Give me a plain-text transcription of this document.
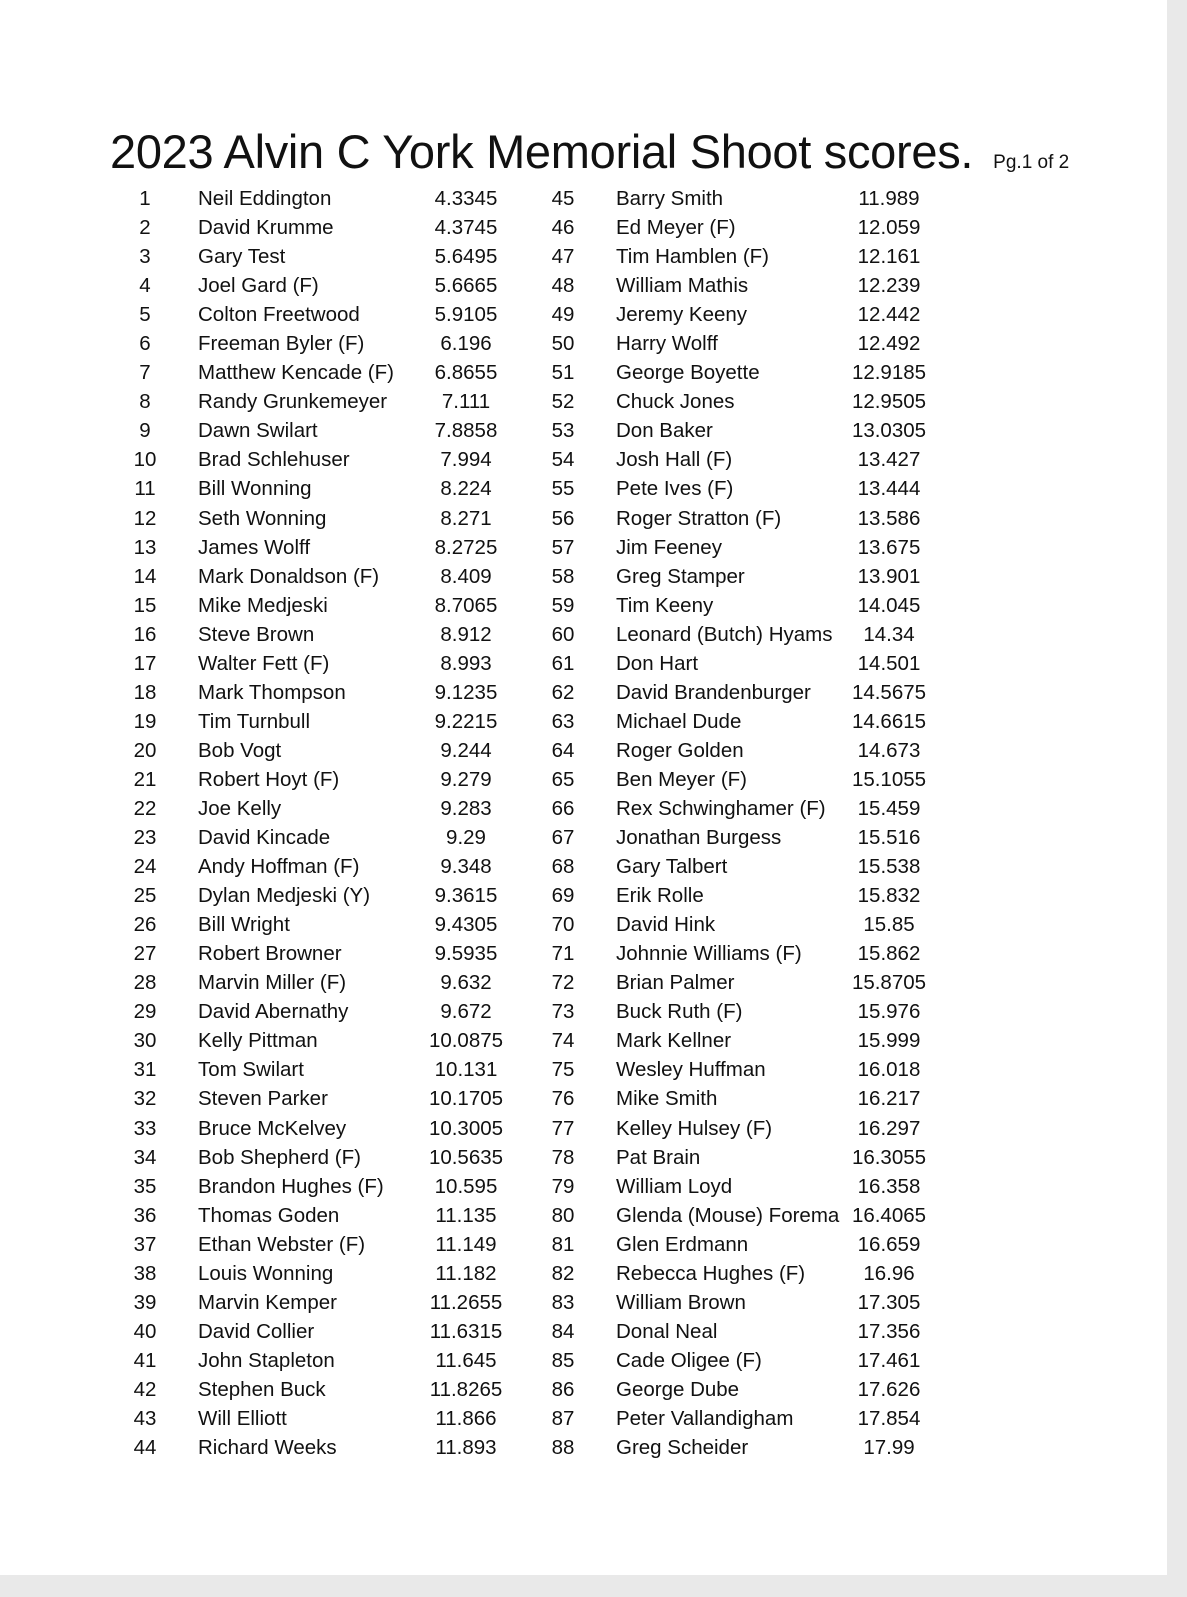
2023 Alvin C York Memorial Shoot scores. Pg.1 of 2
1	Neil Eddington	4.3345
2	David Krumme	4.3745
3	Gary Test	5.6495
4	Joel Gard (F)	5.6665
5	Colton Freetwood	5.9105
6	Freeman Byler (F)	6.196
7	Matthew Kencade (F)	6.8655
8	Randy Grunkemeyer	7.111
9	Dawn Swilart	7.8858
10	Brad Schlehuser	7.994
11	Bill Wonning	8.224
12	Seth Wonning	8.271
13	James Wolff	8.2725
14	Mark Donaldson (F)	8.409
15	Mike Medjeski	8.7065
16	Steve Brown	8.912
17	Walter Fett (F)	8.993
18	Mark Thompson	9.1235
19	Tim Turnbull	9.2215
20	Bob Vogt	9.244
21	Robert Hoyt (F)	9.279
22	Joe Kelly	9.283
23	David Kincade	9.29
24	Andy Hoffman (F)	9.348
25	Dylan Medjeski (Y)	9.3615
26	Bill Wright	9.4305
27	Robert Browner	9.5935
28	Marvin Miller (F)	9.632
29	David Abernathy	9.672
30	Kelly Pittman	10.0875
31	Tom Swilart	10.131
32	Steven Parker	10.1705
33	Bruce McKelvey	10.3005
34	Bob Shepherd (F)	10.5635
35	Brandon Hughes (F)	10.595
36	Thomas Goden	11.135
37	Ethan Webster (F)	11.149
38	Louis Wonning	11.182
39	Marvin Kemper	11.2655
40	David Collier	11.6315
41	John Stapleton	11.645
42	Stephen Buck	11.8265
43	Will Elliott	11.866
44	Richard Weeks	11.893
45	Barry Smith	11.989
46	Ed Meyer (F)	12.059
47	Tim Hamblen (F)	12.161
48	William Mathis	12.239
49	Jeremy Keeny	12.442
50	Harry Wolff	12.492
51	George Boyette	12.9185
52	Chuck Jones	12.9505
53	Don Baker	13.0305
54	Josh Hall (F)	13.427
55	Pete Ives (F)	13.444
56	Roger Stratton (F)	13.586
57	Jim Feeney	13.675
58	Greg Stamper	13.901
59	Tim Keeny	14.045
60	Leonard (Butch) Hyams	14.34
61	Don Hart	14.501
62	David Brandenburger	14.5675
63	Michael Dude	14.6615
64	Roger Golden	14.673
65	Ben Meyer (F)	15.1055
66	Rex Schwinghamer (F)	15.459
67	Jonathan Burgess	15.516
68	Gary Talbert	15.538
69	Erik Rolle	15.832
70	David Hink	15.85
71	Johnnie Williams (F)	15.862
72	Brian Palmer	15.8705
73	Buck Ruth (F)	15.976
74	Mark Kellner	15.999
75	Wesley Huffman	16.018
76	Mike Smith	16.217
77	Kelley Hulsey (F)	16.297
78	Pat Brain	16.3055
79	William Loyd	16.358
80	Glenda (Mouse) Forema 16.4065
81	Glen Erdmann	16.659
82	Rebecca Hughes (F)	16.96
83	William Brown	17.305
84	Donal Neal	17.356
85	Cade Oligee (F)	17.461
86	George Dube	17.626
87	Peter Vallandigham	17.854
88	Greg Scheider	17.99
